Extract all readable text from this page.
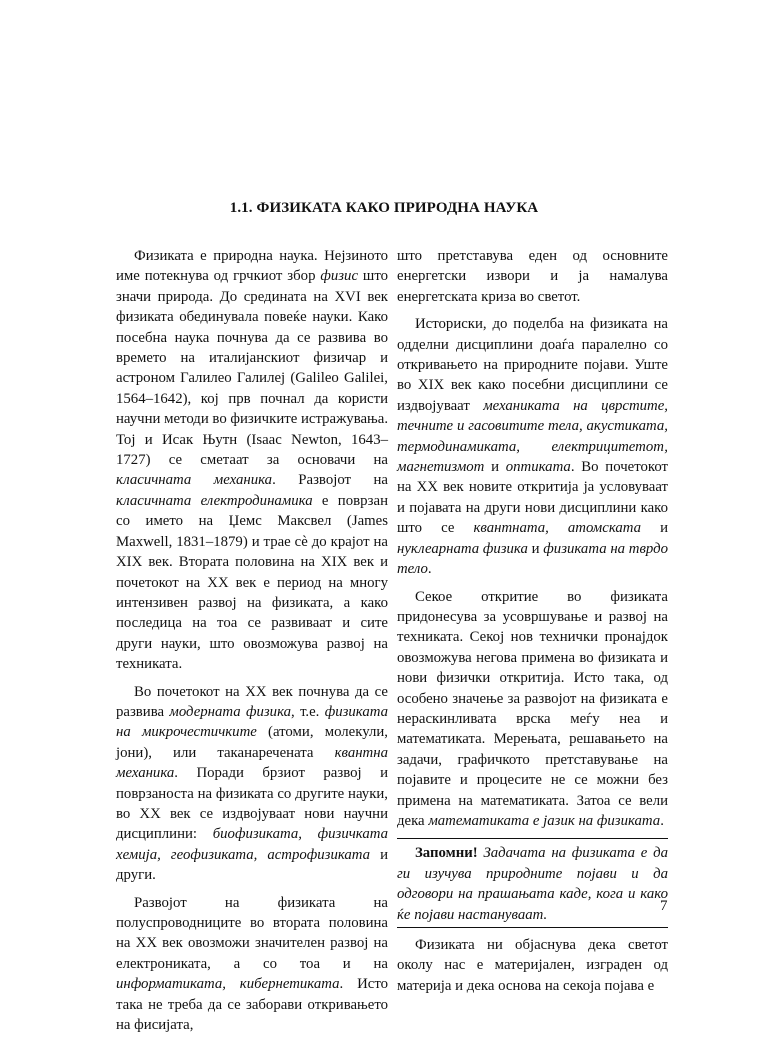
1.1. ФИЗИКАТА КАКО ПРИРОДНА НАУКА

Физиката е природна наука. Нејзиното име потекнува од грчкиот збор физис што значи природа. До средината на XVI век физиката обединувала повеќе науки. Како посебна наука почнува да се развива во времето на италијанскиот физичар и астроном Галилео Галилеј (Galileo Galilei, 1564–1642), кој прв почнал да користи научни методи во физичките истражувања. Тој и Исак Њутн (Isaac Newton, 1643–1727) се сметаат за основачи на класичната механика. Развојот на класичната електродинамика е поврзан со името на Џемс Максвел (James Maxwell, 1831–1879) и трае сè до крајот на XIX век. Втората половина на XIX век и почетокот на XX век е период на многу интензивен развој на физиката, а како последица на тоа се развиваат и сите други науки, што овозможува развој на техниката.

Во почетокот на XX век почнува да се развива модерната физика, т.е. физиката на микрочестичките (атоми, молекули, јони), или таканаречената квантна механика. Поради брзиот развој и поврзаноста на физиката со другите науки, во XX век се издвојуваат нови научни дисциплини: биофизиката, физичката хемија, геофизиката, астрофизиката и други.

Развојот на физиката на полуспроводниците во втората половина на XX век овозможи значителен развој на електрониката, а со тоа и на информатиката, кибернетиката. Исто така не треба да се заборави откривањето на фисијата,

што претставува еден од основните енергетски извори и ја намалува енергетската криза во светот.

Историски, до поделба на физиката на одделни дисциплини доаѓа паралелно со откривањето на природните појави. Уште во XIX век како посебни дисциплини се издвојуваат механиката на цврстите, течните и гасовитите тела, акустиката, термодинамиката, електрицитетот, магнетизмот и оптиката. Во почетокот на XX век новите откритија ја условуваат и појавата на други нови дисциплини како што се квантната, атомската и нуклеарната физика и физиката на тврдо тело.

Секое откритие во физиката придонесува за усовршување и развој на техниката. Секој нов технички пронајдок овозможува негова примена во физиката и нови физички откритија. Исто така, од особено значење за развојот на физиката е нераскинливата врска меѓу неа и математиката. Мерењата, решавањето на задачи, графичкото претставување на појавите и процесите не се можни без примена на математиката. Затоа се вели дека математиката е јазик на физиката.

Запомни! Задачата на физиката е да ги изучува природните појави и да одговори на прашањата каде, кога и како ќе појави настануваат.

Физиката ни објаснува дека светот околу нас е материјален, изграден од материја и дека основа на секоја појава е

7
